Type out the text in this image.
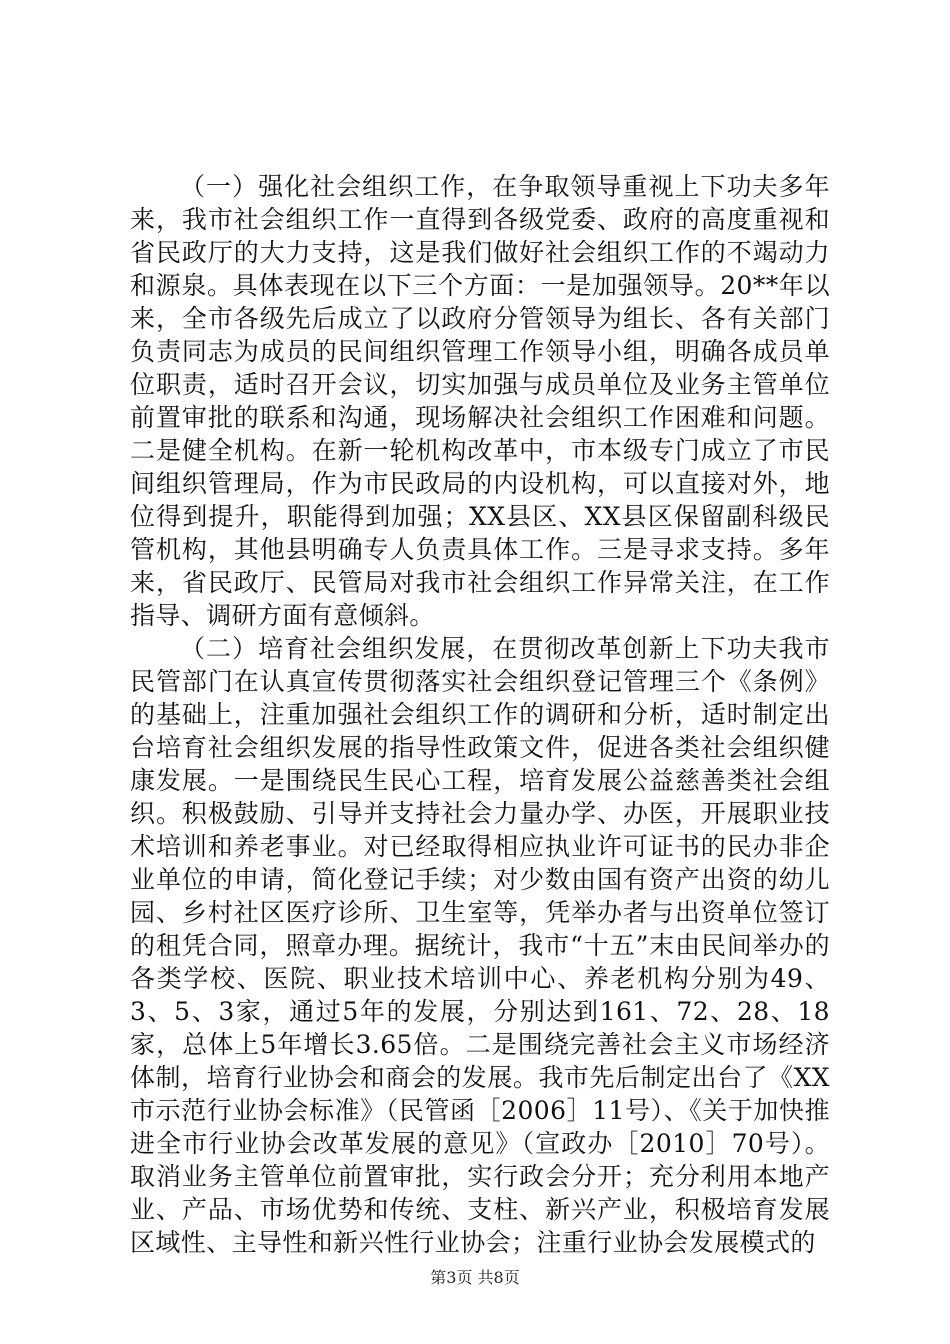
（一）强化社会组织工作，在争取领导重视上下功夫多年来，我市社会组织工作一直得到各级党委、政府的高度重视和省民政厅的大力支持，这是我们做好社会组织工作的不竭动力和源泉。具体表现在以下三个方面：一是加强领导。20**年以来，全市各级先后成立了以政府分管领导为组长、各有关部门负责同志为成员的民间组织管理工作领导小组，明确各成员单位职责，适时召开会议，切实加强与成员单位及业务主管单位前置审批的联系和沟通，现场解决社会组织工作困难和问题。二是健全机构。在新一轮机构改革中，市本级专门成立了市民间组织管理局，作为市民政局的内设机构，可以直接对外，地位得到提升，职能得到加强；XX县区、XX县区保留副科级民管机构，其他县明确专人负责具体工作。三是寻求支持。多年来，省民政厅、民管局对我市社会组织工作异常关注，在工作指导、调研方面有意倾斜。

（二）培育社会组织发展，在贯彻改革创新上下功夫我市民管部门在认真宣传贯彻落实社会组织登记管理三个《条例》的基础上，注重加强社会组织工作的调研和分析，适时制定出台培育社会组织发展的指导性政策文件，促进各类社会组织健康发展。一是围绕民生民心工程，培育发展公益慈善类社会组织。积极鼓励、引导并支持社会力量办学、办医，开展职业技术培训和养老事业。对已经取得相应执业许可证书的民办非企业单位的申请，简化登记手续；对少数由国有资产出资的幼儿园、乡村社区医疗诊所、卫生室等，凭举办者与出资单位签订的租凭合同，照章办理。据统计，我市“十五”末由民间举办的各类学校、医院、职业技术培训中心、养老机构分别为49、3、5、3家，通过5年的发展，分别达到161、72、28、18家，总体上5年增长3.65倍。二是围绕完善社会主义市场经济体制，培育行业协会和商会的发展。我市先后制定出台了《XX市示范行业协会标准》（民管函［2006］11号）、《关于加快推进全市行业协会改革发展的意见》（宣政办［2010］70号）。取消业务主管单位前置审批，实行政会分开；充分利用本地产业、产品、市场优势和传统、支柱、新兴产业，积极培育发展区域性、主导性和新兴性行业协会；注重行业协会发展模式的

第3页 共8页
